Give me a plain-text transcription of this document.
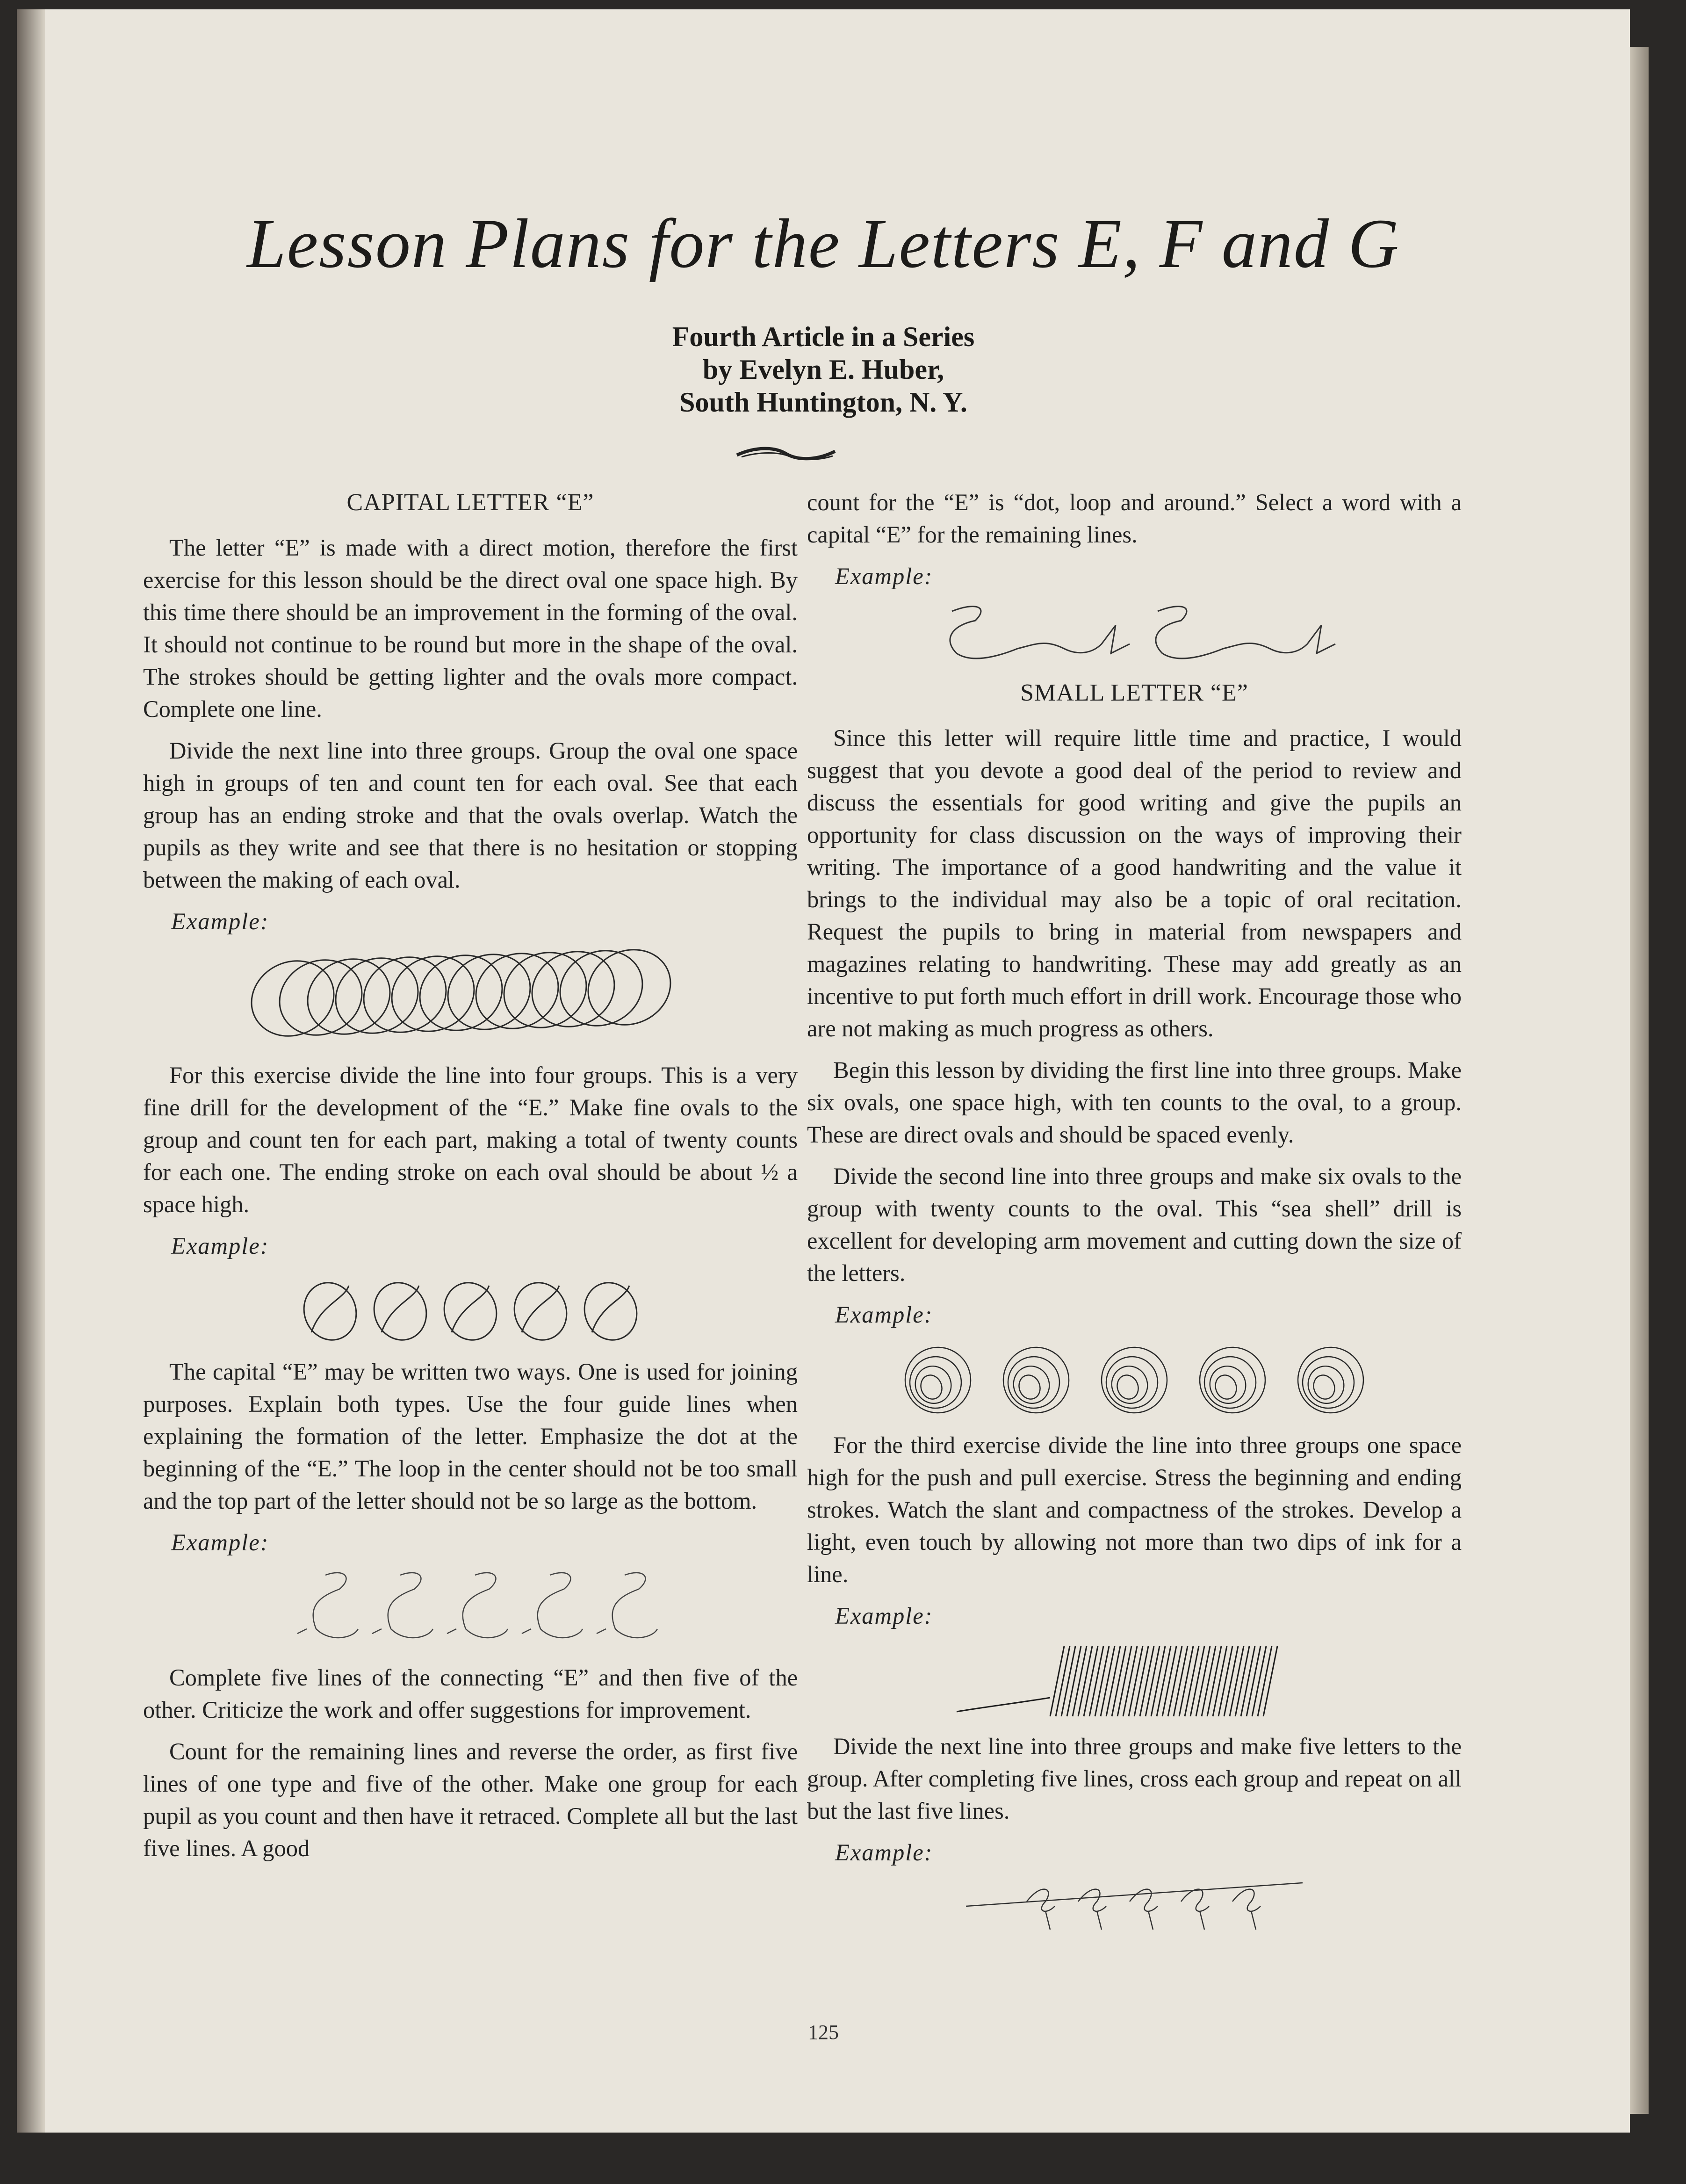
Lesson Plans for the Letters E, F and G
Fourth Article in a Series
by Evelyn E. Huber,
South Huntington, N. Y.

CAPITAL LETTER “E”

The letter “E” is made with a direct motion, therefore the first exercise for this lesson should be the direct oval one space high. By this time there should be an improvement in the forming of the oval. It should not continue to be round but more in the shape of the oval. The strokes should be getting lighter and the ovals more compact. Complete one line.

Divide the next line into three groups. Group the oval one space high in groups of ten and count ten for each oval. See that each group has an ending stroke and that the ovals overlap. Watch the pupils as they write and see that there is no hesitation or stopping between the making of each oval.

Example:

For this exercise divide the line into four groups. This is a very fine drill for the development of the “E.” Make fine ovals to the group and count ten for each part, making a total of twenty counts for each one. The ending stroke on each oval should be about ½ a space high.

Example:

The capital “E” may be written two ways. One is used for joining purposes. Explain both types. Use the four guide lines when explaining the formation of the letter. Emphasize the dot at the beginning of the “E.” The loop in the center should not be too small and the top part of the letter should not be so large as the bottom.

Example:

Complete five lines of the connecting “E” and then five of the other. Criticize the work and offer suggestions for improvement.

Count for the remaining lines and reverse the order, as first five lines of one type and five of the other. Make one group for each pupil as you count and then have it retraced. Complete all but the last five lines. A good

count for the “E” is “dot, loop and around.” Select a word with a capital “E” for the remaining lines.

Example:

East East

SMALL LETTER “E”

Since this letter will require little time and practice, I would suggest that you devote a good deal of the period to review and discuss the essentials for good writing and give the pupils an opportunity for class discussion on the ways of improving their writing. The importance of a good handwriting and the value it brings to the individual may also be a topic of oral recitation. Request the pupils to bring in material from newspapers and magazines relating to handwriting. These may add greatly as an incentive to put forth much effort in drill work. Encourage those who are not making as much progress as others.

Begin this lesson by dividing the first line into three groups. Make six ovals, one space high, with ten counts to the oval, to a group. These are direct ovals and should be spaced evenly.

Divide the second line into three groups and make six ovals to the group with twenty counts to the oval. This “sea shell” drill is excellent for developing arm movement and cutting down the size of the letters.

Example:

For the third exercise divide the line into three groups one space high for the push and pull exercise. Stress the beginning and ending strokes. Watch the slant and compactness of the strokes. Develop a light, even touch by allowing not more than two dips of ink for a line.

Example:

Divide the next line into three groups and make five letters to the group. After completing five lines, cross each group and repeat on all but the last five lines.

Example:

125
